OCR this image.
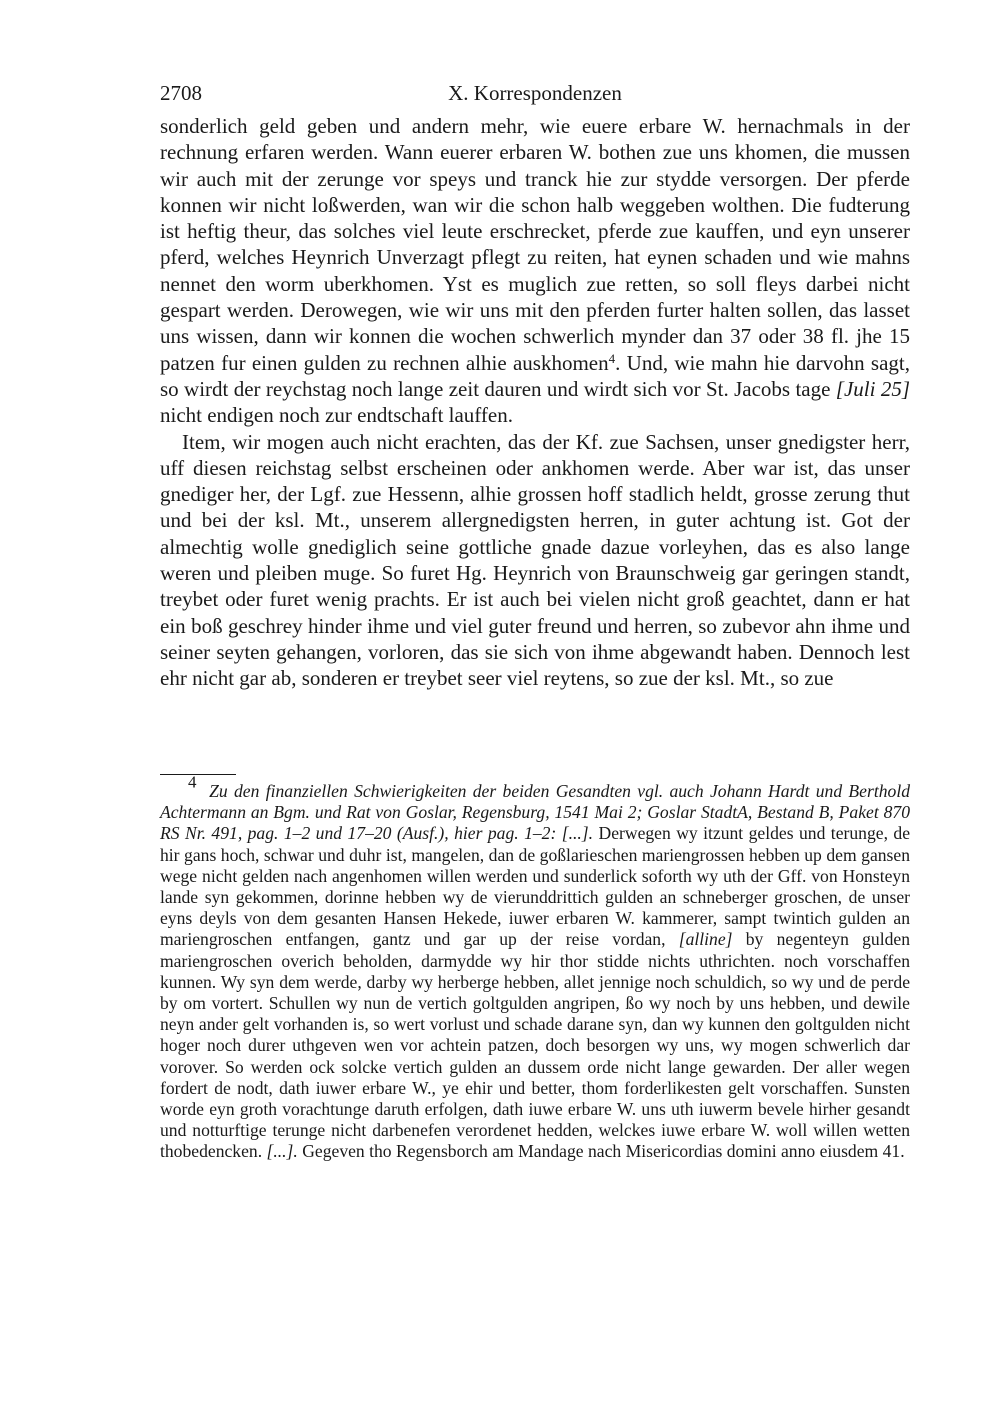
2708	X. Korrespondenzen

sonderlich geld geben und andern mehr, wie euere erbare W. hernachmals in der rechnung erfaren werden. Wann euerer erbaren W. bothen zue uns khomen, die mussen wir auch mit der zerunge vor speys und tranck hie zur stydde versorgen. Der pferde konnen wir nicht loßwerden, wan wir die schon halb weggeben wolthen. Die fudterung ist heftig theur, das solches viel leute erschrecket, pferde zue kauffen, und eyn unserer pferd, welches Heynrich Unverzagt pflegt zu reiten, hat eynen schaden und wie mahns nennet den worm uberkhomen. Yst es muglich zue retten, so soll fleys darbei nicht gespart werden. Derowegen, wie wir uns mit den pferden furter halten sollen, das lasset uns wissen, dann wir konnen die wochen schwerlich mynder dan 37 oder 38 fl. jhe 15 patzen fur einen gulden zu rechnen alhie auskhomen$^4$. Und, wie mahn hie darvohn sagt, so wirdt der reychstag noch lange zeit dauren und wirdt sich vor St. Jacobs tage [Juli 25] nicht endigen noch zur endtschaft lauffen.

Item, wir mogen auch nicht erachten, das der Kf. zue Sachsen, unser gnedigster herr, uff diesen reichstag selbst erscheinen oder ankhomen werde. Aber war ist, das unser gnediger her, der Lgf. zue Hessenn, alhie grossen hoff stadlich heldt, grosse zerung thut und bei der ksl. Mt., unserem allergnedigsten herren, in guter achtung ist. Got der almechtig wolle gnediglich seine gottliche gnade dazue vorleyhen, das es also lange weren und pleiben muge. So furet Hg. Heynrich von Braunschweig gar geringen standt, treybet oder furet wenig prachts. Er ist auch bei vielen nicht groß geachtet, dann er hat ein boß geschrey hinder ihme und viel guter freund und herren, so zubevor ahn ihme und seiner seyten gehangen, vorloren, das sie sich von ihme abgewandt haben. Dennoch lest ehr nicht gar ab, sonderen er treybet seer viel reytens, so zue der ksl. Mt., so zue

$^4$ Zu den finanziellen Schwierigkeiten der beiden Gesandten vgl. auch Johann Hardt und Berthold Achtermann an Bgm. und Rat von Goslar, Regensburg, 1541 Mai 2; Goslar StadtA, Bestand B, Paket 870 RS Nr. 491, pag. 1–2 und 17–20 (Ausf.), hier pag. 1–2: [...]. Derwegen wy itzunt geldes und terunge, de hir gans hoch, schwar und duhr ist, mangelen, dan de goßlarieschen mariengrossen hebben up dem gansen wege nicht gelden nach angenhomen willen werden und sunderlick soforth wy uth der Gff. von Honsteyn lande syn gekommen, dorinne hebben wy de vierunddrittich gulden an schneberger groschen, de unser eyns deyls von dem gesanten Hansen Hekede, iuwer erbaren W. kammerer, sampt twintich gulden an mariengroschen entfangen, gantz und gar up der reise vordan, [alline] by negenteyn gulden mariengroschen overich beholden, darmydde wy hir thor stidde nichts uthrichten. noch vorschaffen kunnen. Wy syn dem werde, darby wy herberge hebben, allet jennige noch schuldich, so wy und de perde by om vortert. Schullen wy nun de vertich goltgulden angripen, ßo wy noch by uns hebben, und dewile neyn ander gelt vorhanden is, so wert vorlust und schade darane syn, dan wy kunnen den goltgulden nicht hoger noch durer uthgeven wen vor achtein patzen, doch besorgen wy uns, wy mogen schwerlich dar vorover. So werden ock solcke vertich gulden an dussem orde nicht lange gewarden. Der aller wegen fordert de nodt, dath iuwer erbare W., ye ehir und better, thom forderlikesten gelt vorschaffen. Sunsten worde eyn groth vorachtunge daruth erfolgen, dath iuwe erbare W. uns uth iuwerm bevele hirher gesandt und notturftige terunge nicht darbenefen verordenet hedden, welckes iuwe erbare W. woll willen wetten thobedencken. [...]. Gegeven tho Regensborch am Mandage nach Misericordias domini anno eiusdem 41.
